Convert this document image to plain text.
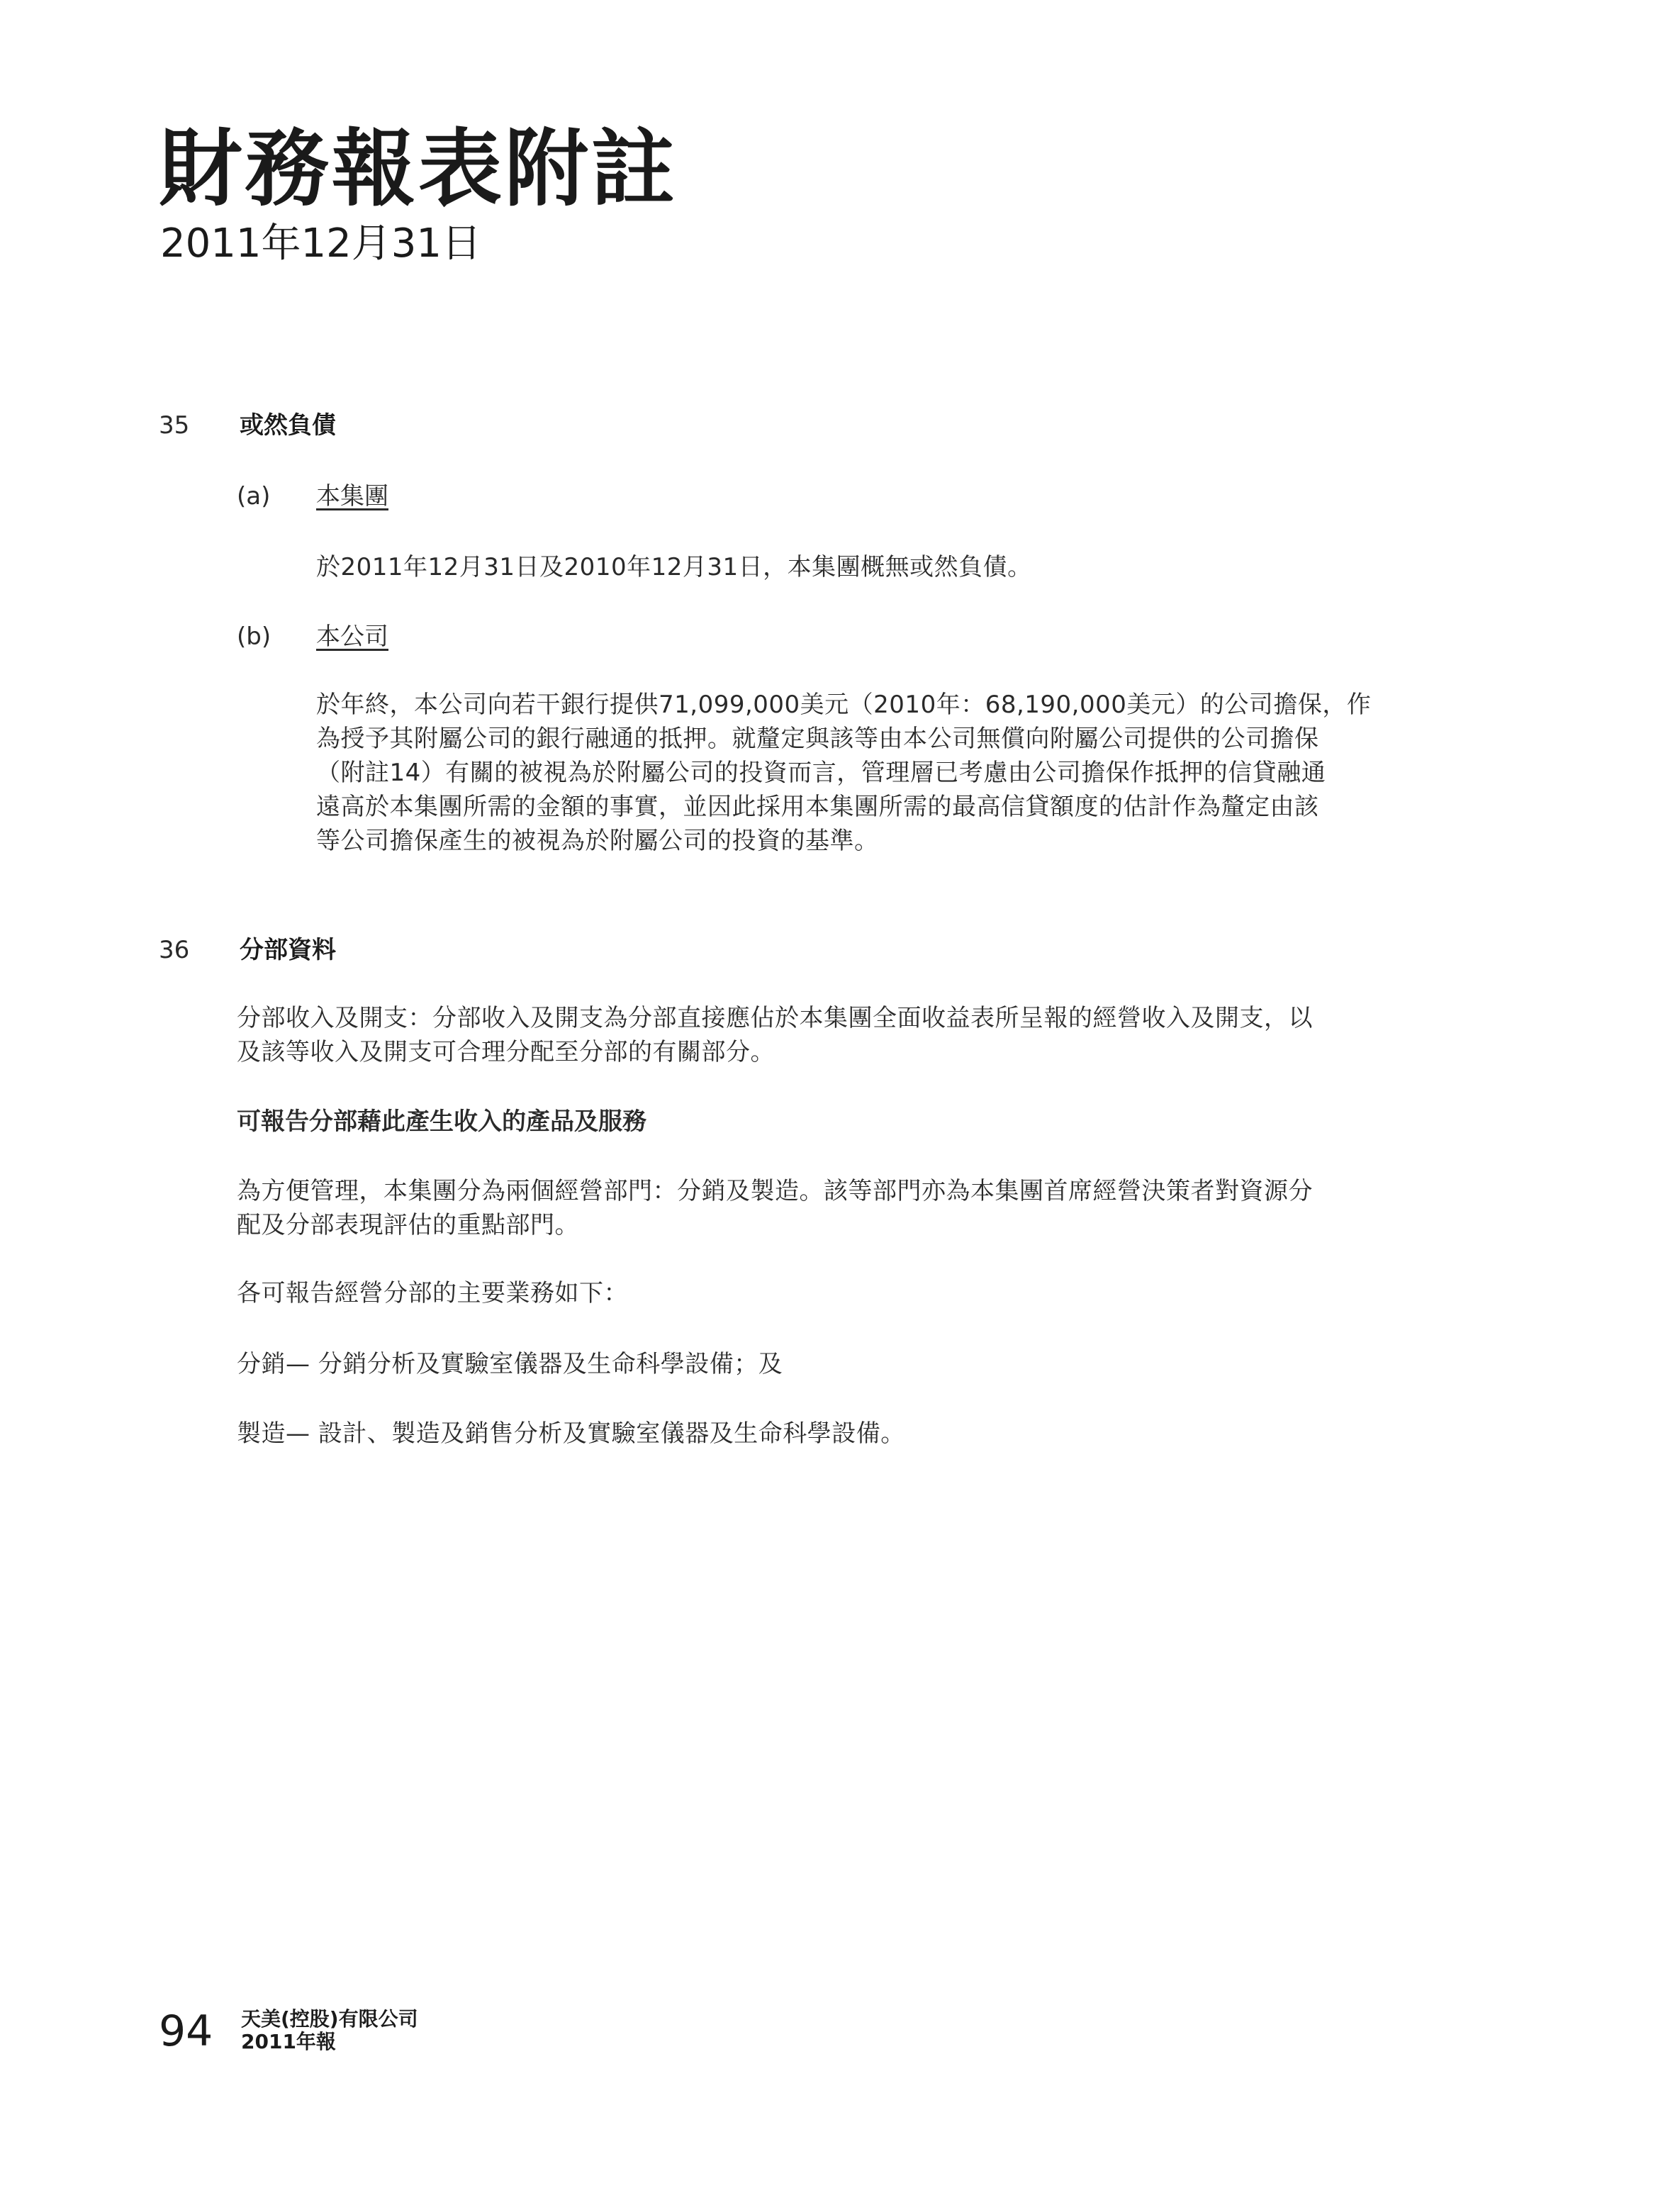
財務報表附註
2011年12月31日
35 或然負債
(a) 本集團
於2011年12月31日及2010年12月31日，本集團概無或然負債。
(b) 本公司
於年終，本公司向若干銀行提供71,099,000美元（2010年：68,190,000美元）的公司擔保，作
為授予其附屬公司的銀行融通的抵押。就釐定與該等由本公司無償向附屬公司提供的公司擔保
（附註14）有關的被視為於附屬公司的投資而言，管理層已考慮由公司擔保作抵押的信貸融通
遠高於本集團所需的金額的事實，並因此採用本集團所需的最高信貸額度的估計作為釐定由該
等公司擔保產生的被視為於附屬公司的投資的基準。
36 分部資料
分部收入及開支：分部收入及開支為分部直接應佔於本集團全面收益表所呈報的經營收入及開支，以
及該等收入及開支可合理分配至分部的有關部分。
可報告分部藉此產生收入的產品及服務
為方便管理，本集團分為兩個經營部門：分銷及製造。該等部門亦為本集團首席經營決策者對資源分
配及分部表現評估的重點部門。
各可報告經營分部的主要業務如下：
分銷— 分銷分析及實驗室儀器及生命科學設備；及
製造— 設計、製造及銷售分析及實驗室儀器及生命科學設備。
94 天美(控股)有限公司
2011年報
